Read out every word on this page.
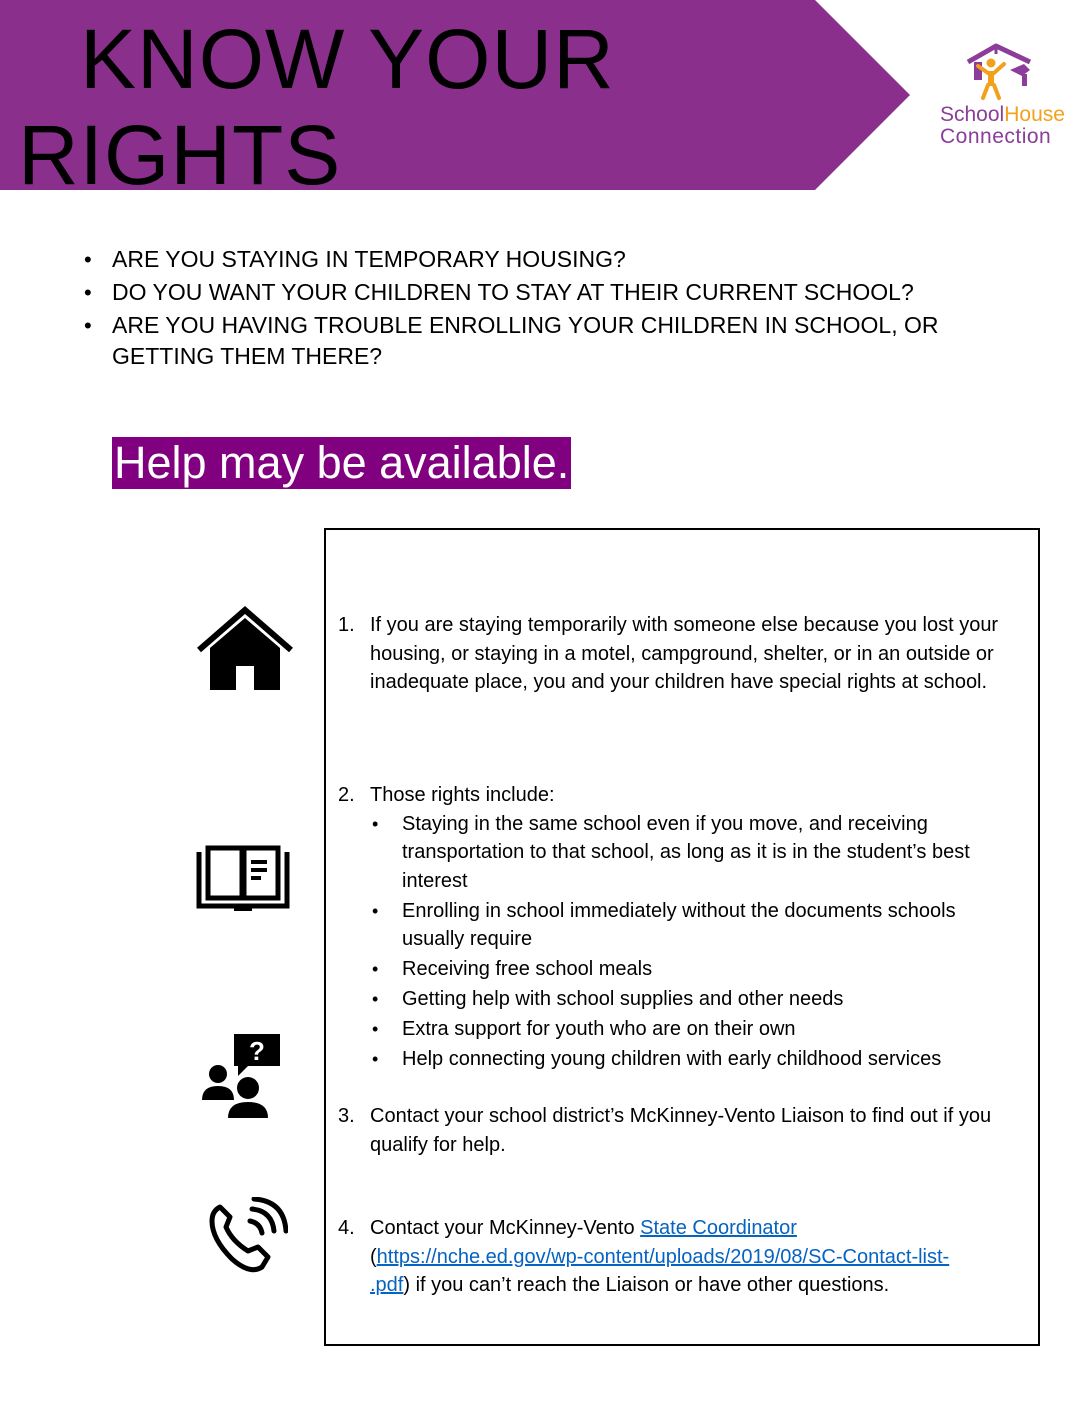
KNOW YOUR
RIGHTS	SchoolHouse
Connection
• ARE YOU STAYING IN TEMPORARY HOUSING?
• DO YOU WANT YOUR CHILDREN TO STAY AT THEIR CURRENT SCHOOL?
• ARE YOU HAVING TROUBLE ENROLLING YOUR CHILDREN IN SCHOOL, OR GETTING THEM THERE?
Help may be available.
?
1. If you are staying temporarily with someone else because you lost your housing, or staying in a motel, campground, shelter, or in an outside or inadequate place, you and your children have special rights at school.
2. Those rights include:
• Staying in the same school even if you move, and receiving transportation to that school, as long as it is in the student’s best interest
• Enrolling in school immediately without the documents schools usually require
• Receiving free school meals
• Getting help with school supplies and other needs
• Extra support for youth who are on their own
• Help connecting young children with early childhood services
3. Contact your school district’s McKinney-Vento Liaison to find out if you qualify for help.
4. Contact your McKinney-Vento State Coordinator
(https://nche.ed.gov/wp-content/uploads/2019/08/SC-Contact-list-
.pdf) if you can’t reach the Liaison or have other questions.
